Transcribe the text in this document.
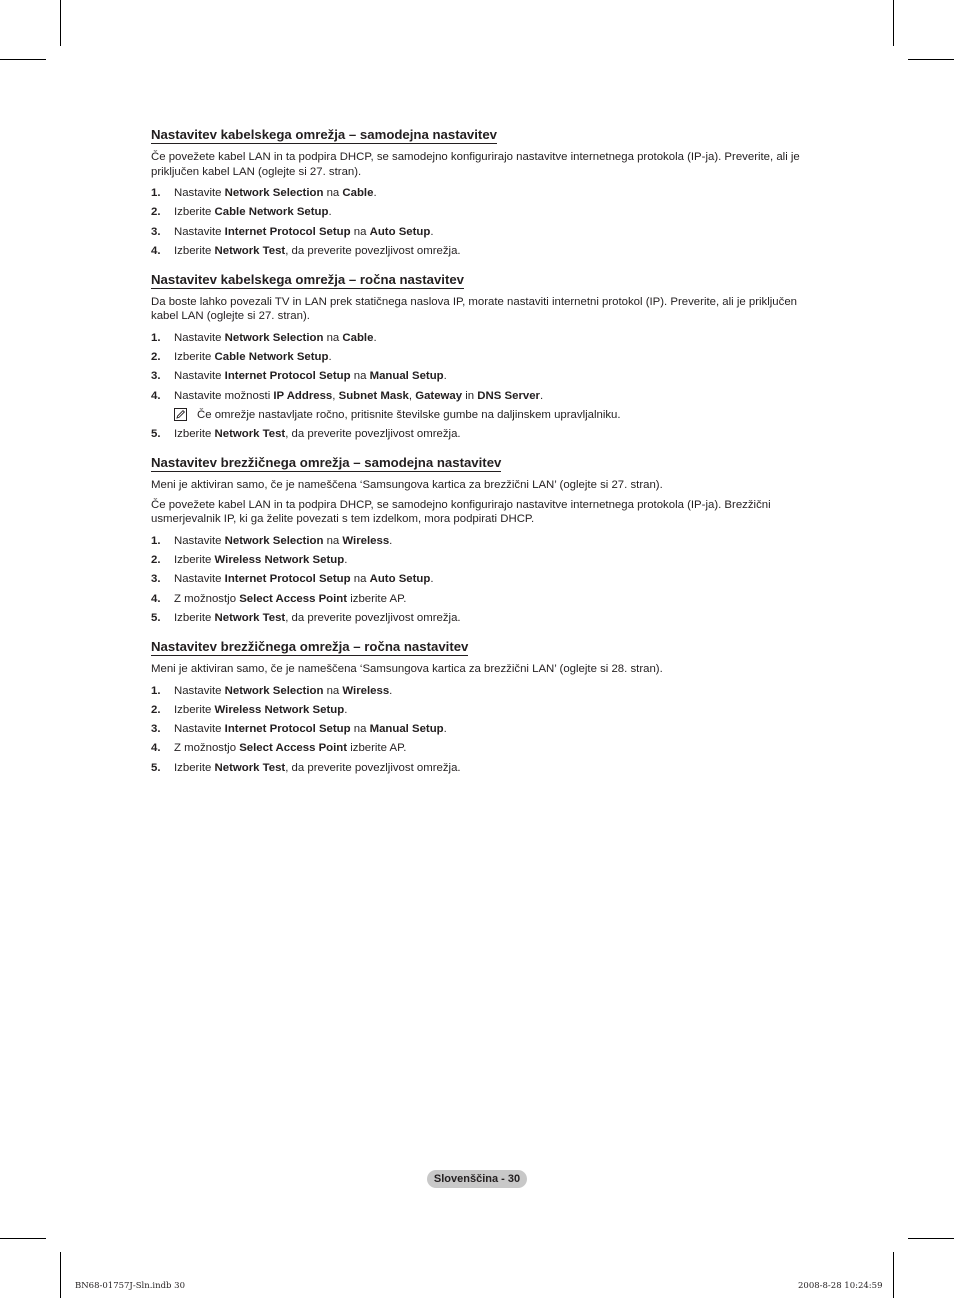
Nastavitev kabelskega omrežja – samodejna nastavitev

Če povežete kabel LAN in ta podpira DHCP, se samodejno konfigurirajo nastavitve internetnega protokola (IP-ja). Preverite, ali je priključen kabel LAN (oglejte si 27. stran).

1. Nastavite Network Selection na Cable.
2. Izberite Cable Network Setup.
3. Nastavite Internet Protocol Setup na Auto Setup.
4. Izberite Network Test, da preverite povezljivost omrežja.
Nastavitev kabelskega omrežja – ročna nastavitev

Da boste lahko povezali TV in LAN prek statičnega naslova IP, morate nastaviti internetni protokol (IP). Preverite, ali je priključen kabel LAN (oglejte si 27. stran).

1. Nastavite Network Selection na Cable.
2. Izberite Cable Network Setup.
3. Nastavite Internet Protocol Setup na Manual Setup.
4. Nastavite možnosti IP Address, Subnet Mask, Gateway in DNS Server.
Če omrežje nastavljate ročno, pritisnite številske gumbe na daljinskem upravljalniku.
5. Izberite Network Test, da preverite povezljivost omrežja.
Nastavitev brezžičnega omrežja – samodejna nastavitev

Meni je aktiviran samo, če je nameščena ‘Samsungova kartica za brezžični LAN’ (oglejte si 27. stran).

Če povežete kabel LAN in ta podpira DHCP, se samodejno konfigurirajo nastavitve internetnega protokola (IP-ja). Brezžični usmerjevalnik IP, ki ga želite povezati s tem izdelkom, mora podpirati DHCP.

1. Nastavite Network Selection na Wireless.
2. Izberite Wireless Network Setup.
3. Nastavite Internet Protocol Setup na Auto Setup.
4. Z možnostjo Select Access Point izberite AP.
5. Izberite Network Test, da preverite povezljivost omrežja.
Nastavitev brezžičnega omrežja – ročna nastavitev

Meni je aktiviran samo, če je nameščena ‘Samsungova kartica za brezžični LAN’ (oglejte si 28. stran).

1. Nastavite Network Selection na Wireless.
2. Izberite Wireless Network Setup.
3. Nastavite Internet Protocol Setup na Manual Setup.
4. Z možnostjo Select Access Point izberite AP.
5. Izberite Network Test, da preverite povezljivost omrežja.
Slovenščina - 30
BN68-01757J-Sln.indb 30	2008-8-28 10:24:59
